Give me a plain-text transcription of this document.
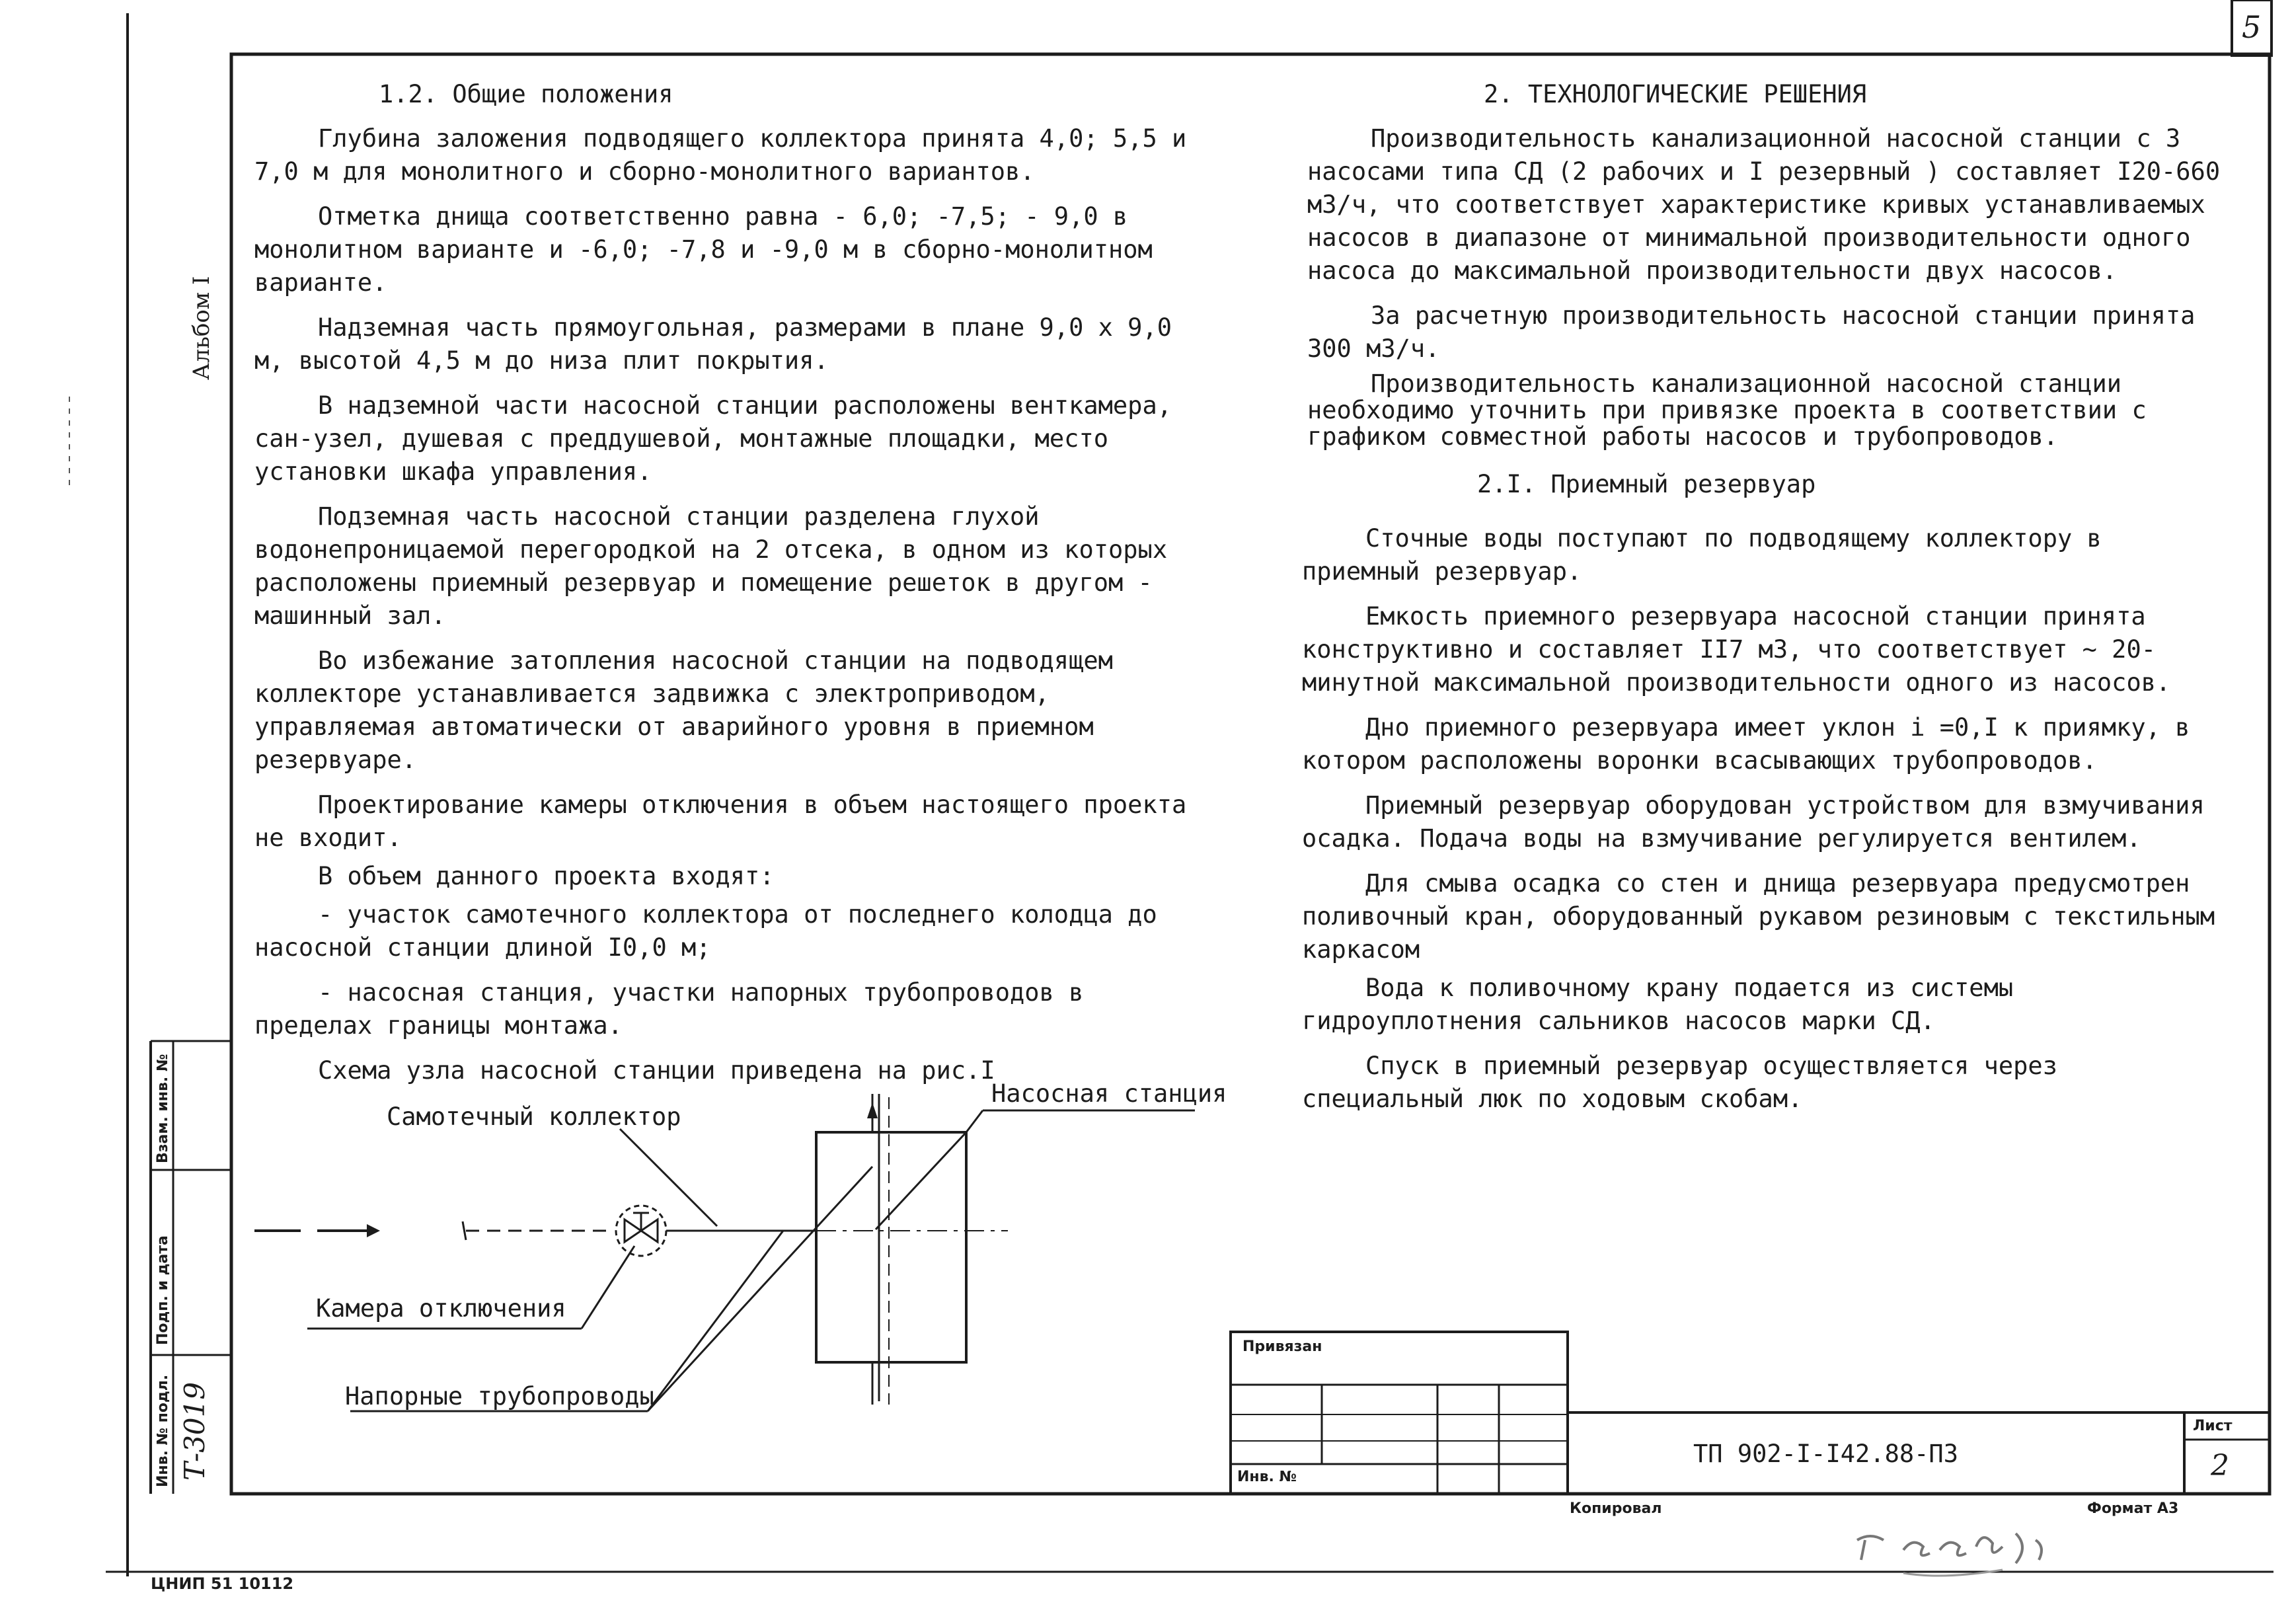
5
Альбом I
Инв. № подл.
Подп. и дата
Взам. инв. №
Т-3019
1.2. Общие положения

Глубина заложения подводящего коллектора принята 4,0; 5,5 и 7,0 м для монолитного и сборно-монолитного вариантов.

Отметка днища соответственно равна - 6,0; -7,5; - 9,0 в монолитном варианте и -6,0; -7,8 и -9,0 м в сборно-монолитном варианте.

Надземная часть прямоугольная, размерами в плане 9,0 х 9,0 м, высотой 4,5 м до низа плит покрытия.

В надземной части насосной станции расположены венткамера, сан-узел, душевая с преддушевой, монтажные площадки, место установки шкафа управления.

Подземная часть насосной станции разделена глухой водонепроницаемой перегородкой на 2 отсека, в одном из которых расположены приемный резервуар и помещение решеток в другом - машинный зал.

Во избежание затопления насосной станции на подводящем коллекторе устанавливается задвижка с электроприводом, управляемая автоматически от аварийного уровня в приемном резервуаре.

Проектирование камеры отключения в объем настоящего проекта не входит.

В объем данного проекта входят:

- участок самотечного коллектора от последнего колодца до насосной станции длиной I0,0 м;

- насосная станция, участки напорных трубопроводов в пределах границы монтажа.

Схема узла насосной станции приведена на рис.I

2. ТЕХНОЛОГИЧЕСКИЕ РЕШЕНИЯ

Производительность канализационной насосной станции с 3 насосами типа СД (2 рабочих и I резервный ) составляет I20-660 м3/ч, что соответствует характеристике кривых устанавливаемых насосов в диапазоне от минимальной производительности одного насоса до максимальной производительности двух насосов.

За расчетную производительность насосной станции принята 300 м3/ч.

Производительность канализационной насосной станции необходимо уточнить при привязке проекта в соответствии с графиком совместной работы насосов и трубопроводов.

2.I. Приемный резервуар

Сточные воды поступают по подводящему коллектору в приемный резервуар.

Емкость приемного резервуара насосной станции принята конструктивно и составляет II7 м3, что соответствует ~ 20-минутной максимальной производительности одного из насосов.

Дно приемного резервуара имеет уклон i =0,I к приямку, в котором расположены воронки всасывающих трубопроводов.

Приемный резервуар оборудован устройством для взмучивания осадка. Подача воды на взмучивание регулируется вентилем.

Для смыва осадка со стен и днища резервуара предусмотрен поливочный кран, оборудованный рукавом резиновым с текстильным каркасом

Вода к поливочному крану подается из системы гидроуплотнения сальников насосов марки СД.

Спуск в приемный резервуар осуществляется через специальный люк по ходовым скобам.

Самотечный коллектор
Насосная станция
Камера отключения
Напорные трубопроводы
Привязан
Инв. №
ТП 902-I-I42.88-ПЗ
Лист
2
Копировал	Формат А3
ЦНИП 51 10112
